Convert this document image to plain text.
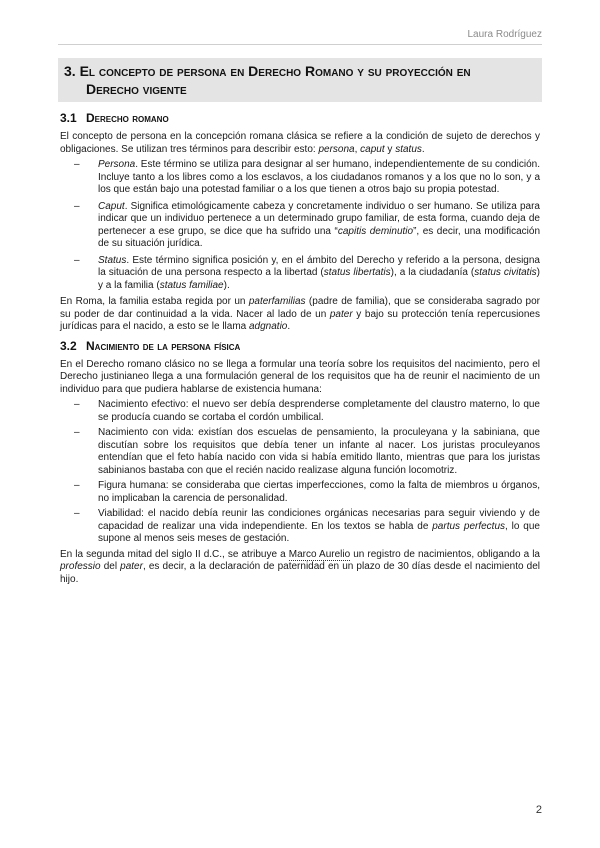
Laura Rodríguez
3. El concepto de persona en Derecho Romano y su proyección en
Derecho vigente
3.1 Derecho romano

El concepto de persona en la concepción romana clásica se refiere a la condición de sujeto de derechos y obligaciones. Se utilizan tres términos para describir esto: persona, caput y status.

– Persona. Este término se utiliza para designar al ser humano, independientemente de su condición. Incluye tanto a los libres como a los esclavos, a los ciudadanos romanos y a los que no lo son, y a los que están bajo una potestad familiar o a los que tienen a otros bajo su propia potestad.
– Caput. Significa etimológicamente cabeza y concretamente individuo o ser humano. Se utiliza para indicar que un individuo pertenece a un determinado grupo familiar, de esta forma, cuando deja de pertenecer a ese grupo, se dice que ha sufrido una “capitis deminutio”, es decir, una modificación de su situación jurídica.
– Status. Este término significa posición y, en el ámbito del Derecho y referido a la persona, designa la situación de una persona respecto a la libertad (status libertatis), a la ciudadanía (status civitatis) y a la familia (status familiae).

En Roma, la familia estaba regida por un paterfamilias (padre de familia), que se consideraba sagrado por su poder de dar continuidad a la vida. Nacer al lado de un pater y bajo su protección tenía repercusiones jurídicas para el nacido, a esto se le llama adgnatio.

3.2 Nacimiento de la persona física

En el Derecho romano clásico no se llega a formular una teoría sobre los requisitos del nacimiento, pero el Derecho justinianeo llega a una formulación general de los requisitos que ha de reunir el nacimiento de un individuo para que pudiera hablarse de existencia humana:

– Nacimiento efectivo: el nuevo ser debía desprenderse completamente del claustro materno, lo que se producía cuando se cortaba el cordón umbilical.
– Nacimiento con vida: existían dos escuelas de pensamiento, la proculeyana y la sabiniana, que discutían sobre los requisitos que debía tener un infante al nacer. Los juristas proculeyanos entendían que el feto había nacido con vida si había emitido llanto, mientras que para los juristas sabinianos bastaba con que el recién nacido realizase alguna función locomotriz.
– Figura humana: se consideraba que ciertas imperfecciones, como la falta de miembros u órganos, no implicaban la carencia de personalidad.
– Viabilidad: el nacido debía reunir las condiciones orgánicas necesarias para seguir viviendo y de capacidad de realizar una vida independiente. En los textos se habla de partus perfectus, lo que supone al menos seis meses de gestación.

En la segunda mitad del siglo II d.C., se atribuye a Marco Aurelio un registro de nacimientos, obligando a la professio del pater, es decir, a la declaración de paternidad en un plazo de 30 días desde el nacimiento del hijo.

2
